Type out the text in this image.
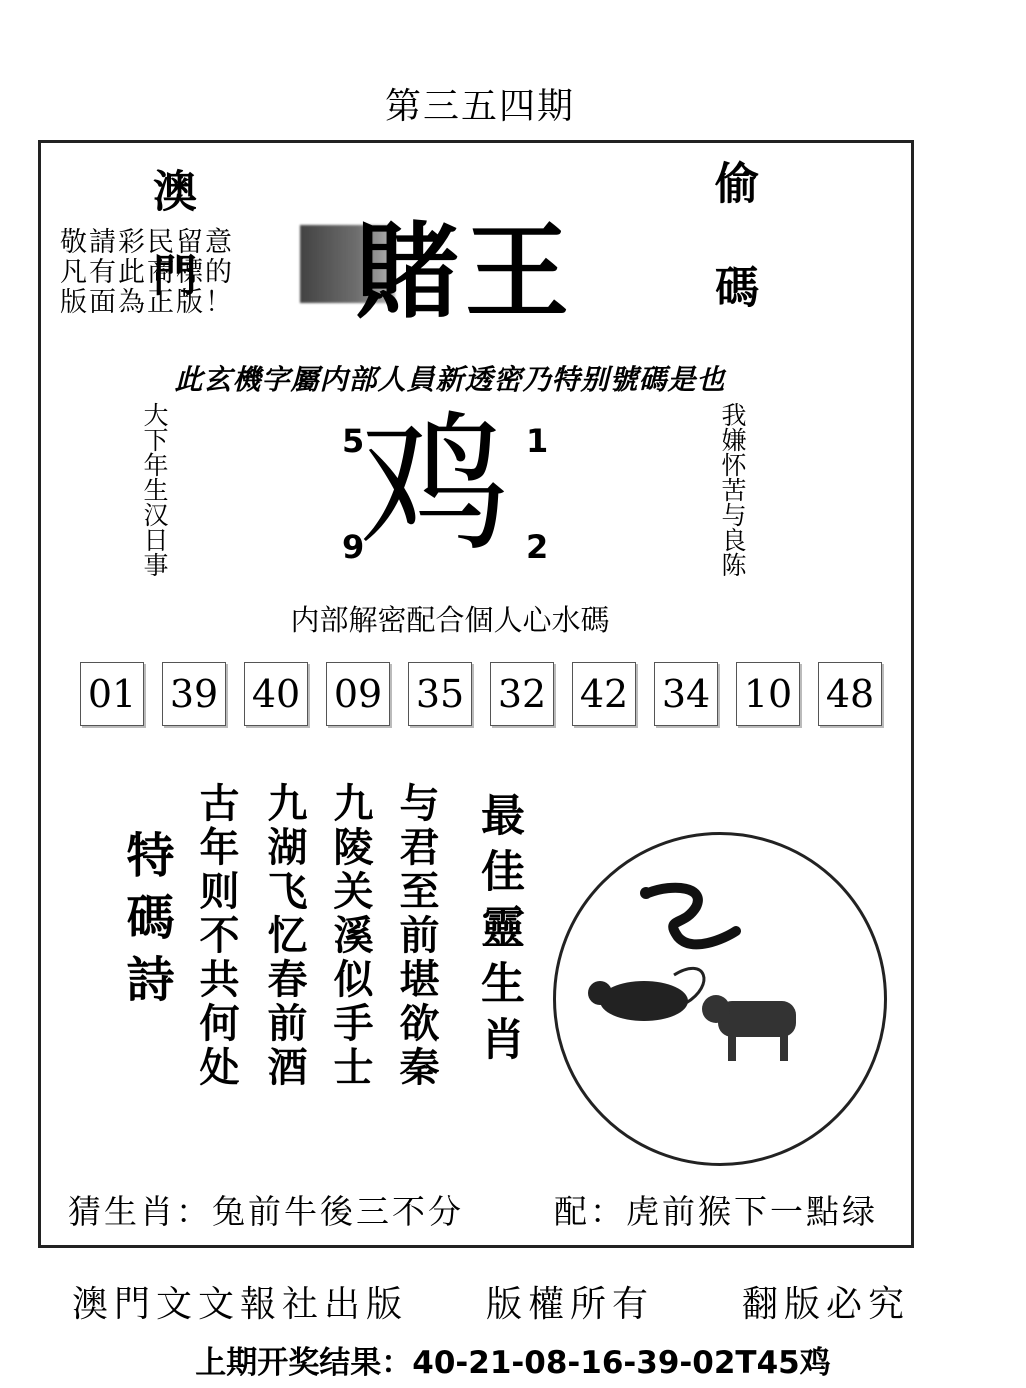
第三五四期
澳門	偷碼
賭王
敬請彩民留意
凡有此商標的
版面為正版！
此玄機字屬内部人員新透密乃特别號碼是也
大下年生汉日事	我嫌怀苦与良陈
5	1
9	2
鸡
内部解密配合個人心水碼
01 39 40 09 35 32 42 34 10 48
特碼詩 古年则不共何处 九湖飞忆春前酒 九陵关溪似手士 与君至前堪欲秦 最佳靈生肖
猜生肖：兔前牛後三不分	配：虎前猴下一點绿
澳門文文報社出版 版權所有 翻版必究
上期开奖结果：40-21-08-16-39-02T45鸡
